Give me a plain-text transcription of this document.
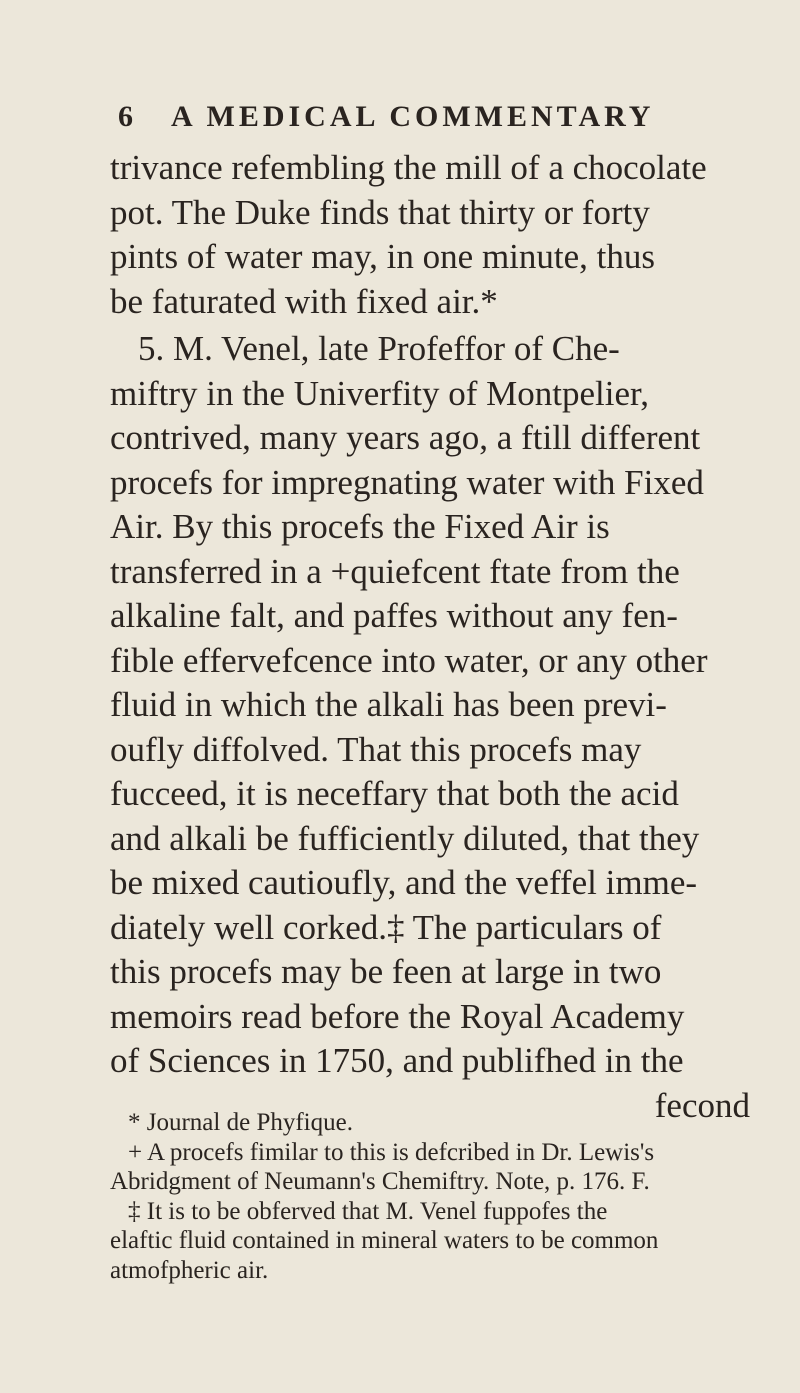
6 A MEDICAL COMMENTARY
trivance refembling the mill of a chocolate
pot. The Duke finds that thirty or forty
pints of water may, in one minute, thus
be faturated with fixed air.*
5. M. Venel, late Profeffor of Che-
miftry in the Univerfity of Montpelier,
contrived, many years ago, a ftill different
procefs for impregnating water with Fixed
Air. By this procefs the Fixed Air is
transferred in a +quiefcent ftate from the
alkaline falt, and paffes without any fen-
fible effervefcence into water, or any other
fluid in which the alkali has been previ-
oufly diffolved. That this procefs may
fucceed, it is neceffary that both the acid
and alkali be fufficiently diluted, that they
be mixed cautioufly, and the veffel imme-
diately well corked.‡ The particulars of
this procefs may be feen at large in two
memoirs read before the Royal Academy
of Sciences in 1750, and publifhed in the
fecond
* Journal de Phyfique.
+ A procefs fimilar to this is defcribed in Dr. Lewis's
Abridgment of Neumann's Chemiftry. Note, p. 176. F.
‡ It is to be obferved that M. Venel fuppofes the
elaftic fluid contained in mineral waters to be common
atmofpheric air.
